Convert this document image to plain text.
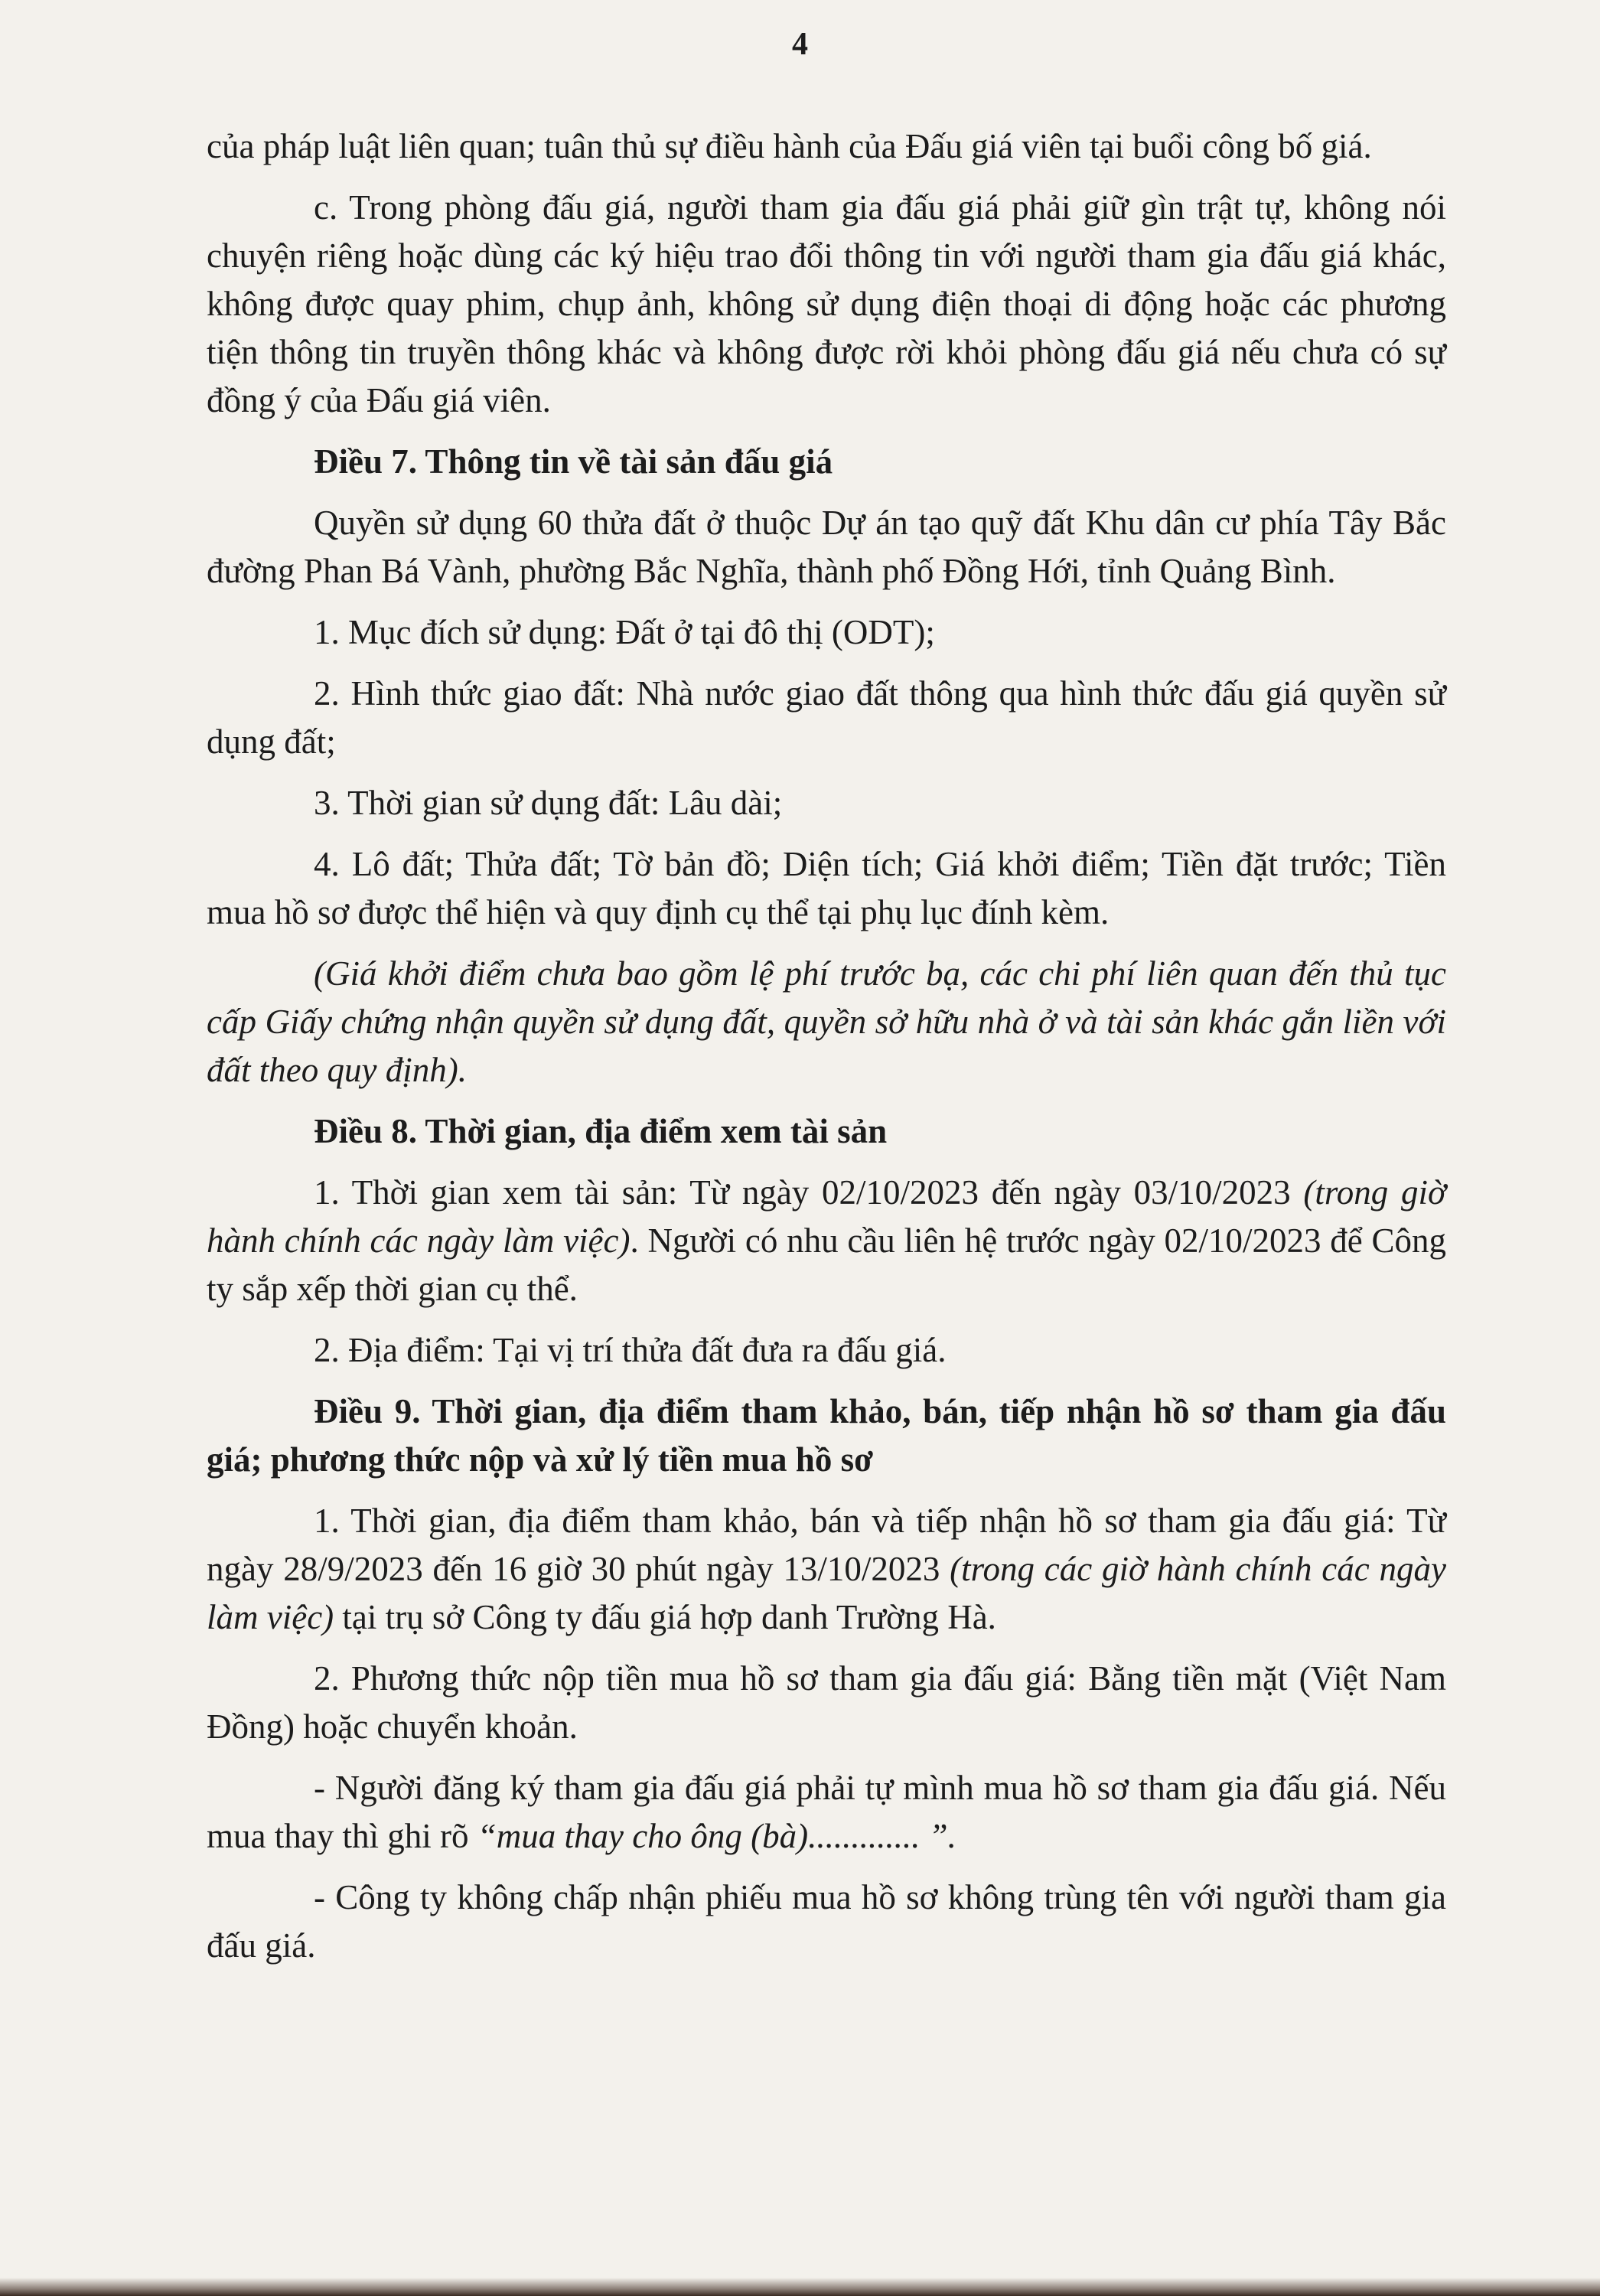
4

của pháp luật liên quan; tuân thủ sự điều hành của Đấu giá viên tại buổi công bố giá.

c. Trong phòng đấu giá, người tham gia đấu giá phải giữ gìn trật tự, không nói chuyện riêng hoặc dùng các ký hiệu trao đổi thông tin với người tham gia đấu giá khác, không được quay phim, chụp ảnh, không sử dụng điện thoại di động hoặc các phương tiện thông tin truyền thông khác và không được rời khỏi phòng đấu giá nếu chưa có sự đồng ý của Đấu giá viên.

Điều 7. Thông tin về tài sản đấu giá

Quyền sử dụng 60 thửa đất ở thuộc Dự án tạo quỹ đất Khu dân cư phía Tây Bắc đường Phan Bá Vành, phường Bắc Nghĩa, thành phố Đồng Hới, tỉnh Quảng Bình.

1. Mục đích sử dụng: Đất ở tại đô thị (ODT);

2. Hình thức giao đất: Nhà nước giao đất thông qua hình thức đấu giá quyền sử dụng đất;

3. Thời gian sử dụng đất: Lâu dài;

4. Lô đất; Thửa đất; Tờ bản đồ; Diện tích; Giá khởi điểm; Tiền đặt trước; Tiền mua hồ sơ được thể hiện và quy định cụ thể tại phụ lục đính kèm.

(Giá khởi điểm chưa bao gồm lệ phí trước bạ, các chi phí liên quan đến thủ tục cấp Giấy chứng nhận quyền sử dụng đất, quyền sở hữu nhà ở và tài sản khác gắn liền với đất theo quy định).

Điều 8. Thời gian, địa điểm xem tài sản

1. Thời gian xem tài sản: Từ ngày 02/10/2023 đến ngày 03/10/2023 (trong giờ hành chính các ngày làm việc). Người có nhu cầu liên hệ trước ngày 02/10/2023 để Công ty sắp xếp thời gian cụ thể.

2. Địa điểm: Tại vị trí thửa đất đưa ra đấu giá.

Điều 9. Thời gian, địa điểm tham khảo, bán, tiếp nhận hồ sơ tham gia đấu giá; phương thức nộp và xử lý tiền mua hồ sơ

1. Thời gian, địa điểm tham khảo, bán và tiếp nhận hồ sơ tham gia đấu giá: Từ ngày 28/9/2023 đến 16 giờ 30 phút ngày 13/10/2023 (trong các giờ hành chính các ngày làm việc) tại trụ sở Công ty đấu giá hợp danh Trường Hà.

2. Phương thức nộp tiền mua hồ sơ tham gia đấu giá: Bằng tiền mặt (Việt Nam Đồng) hoặc chuyển khoản.

- Người đăng ký tham gia đấu giá phải tự mình mua hồ sơ tham gia đấu giá. Nếu mua thay thì ghi rõ “mua thay cho ông (bà)............. ”.

- Công ty không chấp nhận phiếu mua hồ sơ không trùng tên với người tham gia đấu giá.
